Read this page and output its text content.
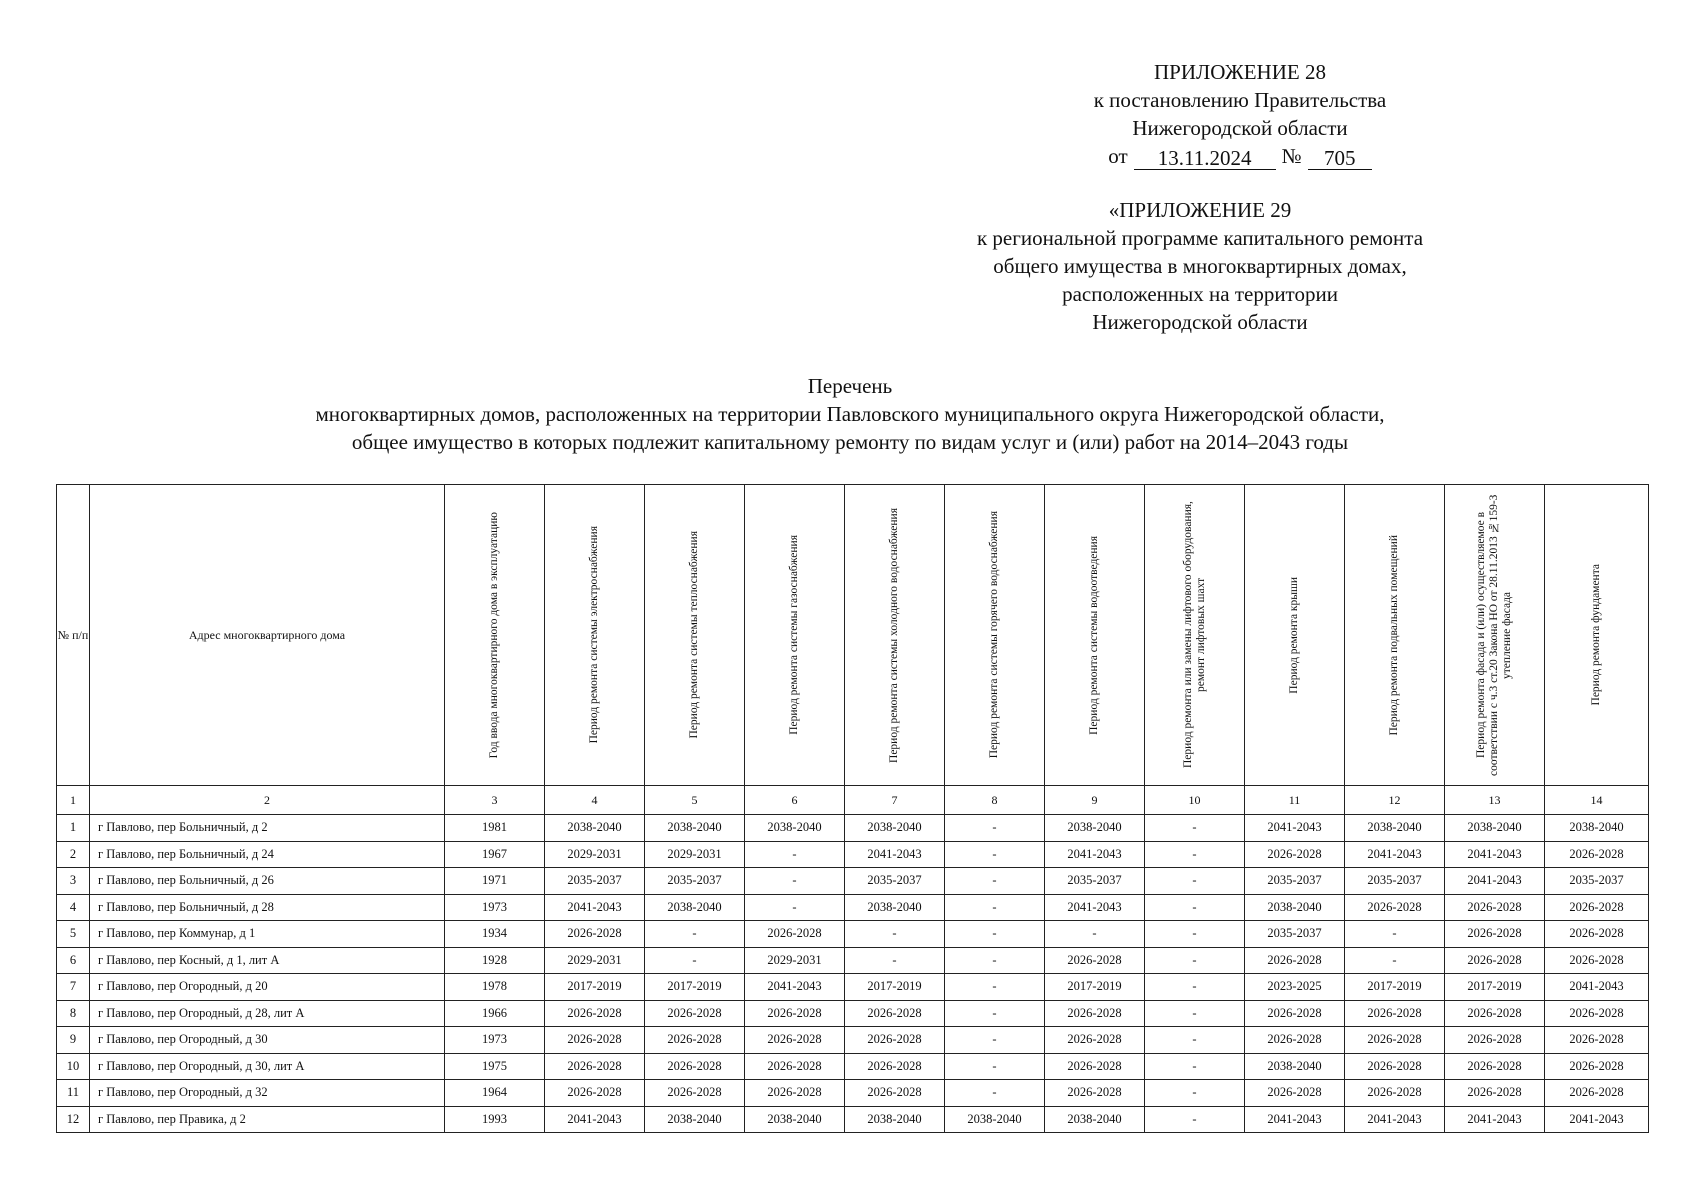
ПРИЛОЖЕНИЕ 28
к постановлению Правительства
Нижегородской области
от	13.11.2024	№	705
«ПРИЛОЖЕНИЕ 29
к региональной программе капитального ремонта
общего имущества в многоквартирных домах,
расположенных на территории
Нижегородской области
Перечень
многоквартирных домов, расположенных на территории Павловского муниципального округа Нижегородской области,
общее имущество в которых подлежит капитальному ремонту по видам услуг и (или) работ на 2014–2043 годы
№ п/п	Адрес многоквартирного дома	Год ввода многоквартирного дома в эксплуатацию	Период ремонта системы электроснабжения	Период ремонта системы теплоснабжения	Период ремонта системы газоснабжения	Период ремонта системы холодного водоснабжения	Период ремонта системы горячего водоснабжения	Период ремонта системы водоотведения	Период ремонта или замены лифтового оборудования, ремонт лифтовых шахт	Период ремонта крыши	Период ремонта подвальных помещений	Период ремонта фасада и (или) осуществляемое в соответствии с ч.3 ст.20 Закона НО от 28.11.2013 №159-З утепление фасада	Период ремонта фундамента

1	2	3	4	5	6	7	8	9	10	11	12	13	14
1	г Павлово, пер Больничный, д 2	1981	2038-2040	2038-2040	2038-2040	2038-2040	-	2038-2040	-	2041-2043	2038-2040	2038-2040	2038-2040
2	г Павлово, пер Больничный, д 24	1967	2029-2031	2029-2031	-	2041-2043	-	2041-2043	-	2026-2028	2041-2043	2041-2043	2026-2028
3	г Павлово, пер Больничный, д 26	1971	2035-2037	2035-2037	-	2035-2037	-	2035-2037	-	2035-2037	2035-2037	2041-2043	2035-2037
4	г Павлово, пер Больничный, д 28	1973	2041-2043	2038-2040	-	2038-2040	-	2041-2043	-	2038-2040	2026-2028	2026-2028	2026-2028
5	г Павлово, пер Коммунар, д 1	1934	2026-2028	-	2026-2028	-	-	-	-	2035-2037	-	2026-2028	2026-2028
6	г Павлово, пер Косный, д 1, лит А	1928	2029-2031	-	2029-2031	-	-	2026-2028	-	2026-2028	-	2026-2028	2026-2028
7	г Павлово, пер Огородный, д 20	1978	2017-2019	2017-2019	2041-2043	2017-2019	-	2017-2019	-	2023-2025	2017-2019	2017-2019	2041-2043
8	г Павлово, пер Огородный, д 28, лит А	1966	2026-2028	2026-2028	2026-2028	2026-2028	-	2026-2028	-	2026-2028	2026-2028	2026-2028	2026-2028
9	г Павлово, пер Огородный, д 30	1973	2026-2028	2026-2028	2026-2028	2026-2028	-	2026-2028	-	2026-2028	2026-2028	2026-2028	2026-2028
10	г Павлово, пер Огородный, д 30, лит А	1975	2026-2028	2026-2028	2026-2028	2026-2028	-	2026-2028	-	2038-2040	2026-2028	2026-2028	2026-2028
11	г Павлово, пер Огородный, д 32	1964	2026-2028	2026-2028	2026-2028	2026-2028	-	2026-2028	-	2026-2028	2026-2028	2026-2028	2026-2028
12	г Павлово, пер Правика, д 2	1993	2041-2043	2038-2040	2038-2040	2038-2040	2038-2040	2038-2040	-	2041-2043	2041-2043	2041-2043	2041-2043
